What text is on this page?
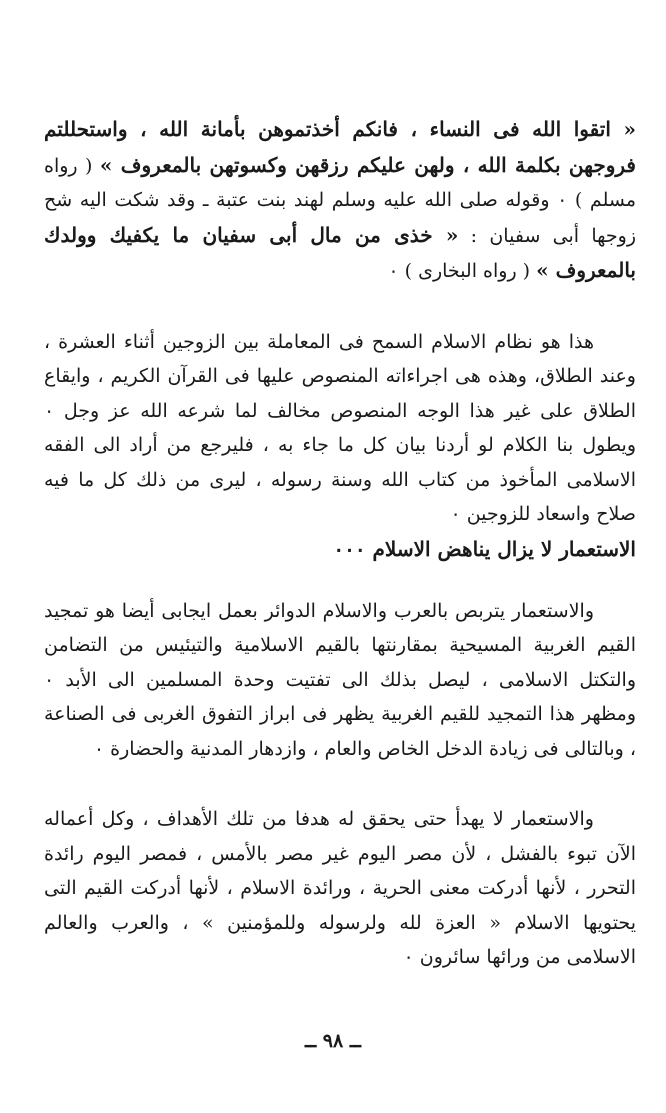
« اتقوا الله فى النساء ، فانكم أخذتموهن بأمانة الله ، واستحللتم فروجهن بكلمة الله ، ولهن عليكم رزقهن وكسوتهن بالمعروف » ( رواه مسلم ) ٠ وقوله صلى الله عليه وسلم لهند بنت عتبة ـ وقد شكت اليه شح زوجها أبى سفيان : « خذى من مال أبى سفيان ما يكفيك وولدك بالمعروف » ( رواه البخارى ) ٠

هذا هو نظام الاسلام السمح فى المعاملة بين الزوجين أثناء العشرة ، وعند الطلاق، وهذه هى اجراءاته المنصوص عليها فى القرآن الكريم ، وايقاع الطلاق على غير هذا الوجه المنصوص مخالف لما شرعه الله عز وجل ٠ ويطول بنا الكلام لو أردنا بيان كل ما جاء به ، فليرجع من أراد الى الفقه الاسلامى المأخوذ من كتاب الله وسنة رسوله ، ليرى من ذلك كل ما فيه صلاح واسعاد للزوجين ٠

الاستعمار لا يزال يناهض الاسلام ٠٠٠

والاستعمار يتربص بالعرب والاسلام الدوائر بعمل ايجابى أيضا هو تمجيد القيم الغربية المسيحية بمقارنتها بالقيم الاسلامية والتيئيس من التضامن والتكتل الاسلامى ، ليصل بذلك الى تفتيت وحدة المسلمين الى الأبد ٠ ومظهر هذا التمجيد للقيم الغربية يظهر فى ابراز التفوق الغربى فى الصناعة ، وبالتالى فى زيادة الدخل الخاص والعام ، وازدهار المدنية والحضارة ٠

والاستعمار لا يهدأ حتى يحقق له هدفا من تلك الأهداف ، وكل أعماله الآن تبوء بالفشل ، لأن مصر اليوم غير مصر بالأمس ، فمصر اليوم رائدة التحرر ، لأنها أدركت معنى الحرية ، ورائدة الاسلام ، لأنها أدركت القيم التى يحتويها الاسلام « العزة لله ولرسوله وللمؤمنين » ، والعرب والعالم الاسلامى من ورائها سائرون ٠

ــ ٩٨ ــ
